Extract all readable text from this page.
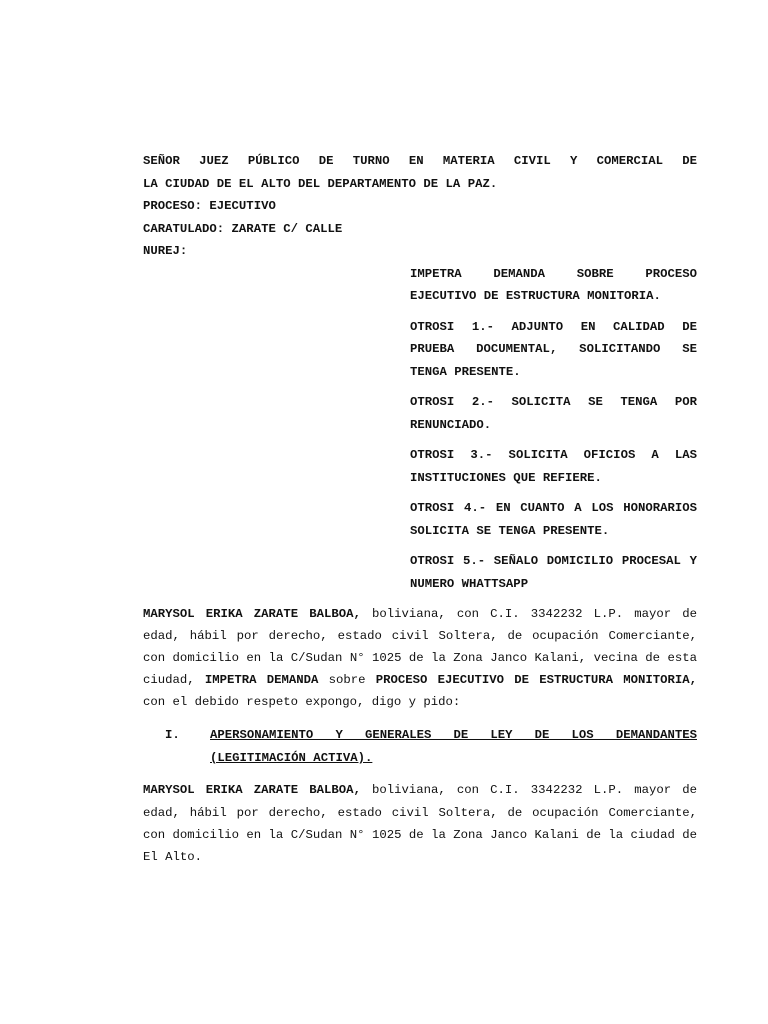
SEÑOR JUEZ PÚBLICO DE TURNO EN MATERIA CIVIL Y COMERCIAL DE
LA CIUDAD DE EL ALTO DEL DEPARTAMENTO DE LA PAZ.
PROCESO: EJECUTIVO
CARATULADO: ZARATE C/ CALLE
NUREJ:
IMPETRA DEMANDA SOBRE PROCESO EJECUTIVO DE ESTRUCTURA MONITORIA.
OTROSI 1.- ADJUNTO EN CALIDAD DE PRUEBA DOCUMENTAL, SOLICITANDO SE TENGA PRESENTE.
OTROSI 2.- SOLICITA SE TENGA POR RENUNCIADO.
OTROSI 3.- SOLICITA OFICIOS A LAS INSTITUCIONES QUE REFIERE.
OTROSI 4.- EN CUANTO A LOS HONORARIOS SOLICITA SE TENGA PRESENTE.
OTROSI 5.- SEÑALO DOMICILIO PROCESAL Y NUMERO WHATTSAPP
MARYSOL ERIKA ZARATE BALBOA, boliviana, con C.I. 3342232 L.P. mayor de edad, hábil por derecho, estado civil Soltera, de ocupación Comerciante, con domicilio en la C/Sudan N° 1025 de la Zona Janco Kalani, vecina de esta ciudad, IMPETRA DEMANDA sobre PROCESO EJECUTIVO DE ESTRUCTURA MONITORIA, con el debido respeto expongo, digo y pido:
I.	APERSONAMIENTO Y GENERALES DE LEY DE LOS DEMANDANTES (LEGITIMACIÓN ACTIVA).
MARYSOL ERIKA ZARATE BALBOA, boliviana, con C.I. 3342232 L.P. mayor de edad, hábil por derecho, estado civil Soltera, de ocupación Comerciante, con domicilio en la C/Sudan N° 1025 de la Zona Janco Kalani de la ciudad de El Alto.
